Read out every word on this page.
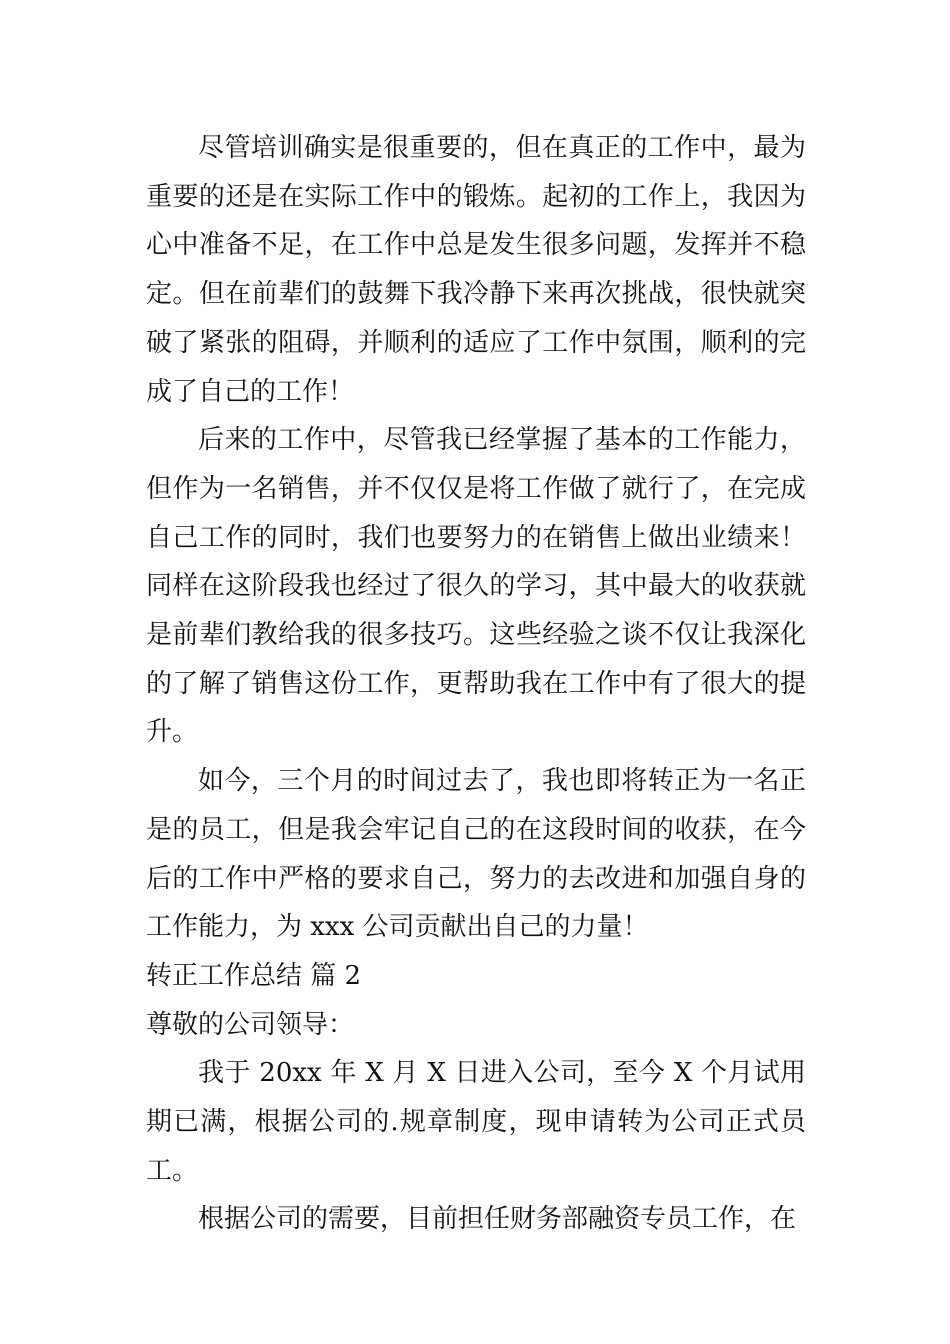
尽管培训确实是很重要的，但在真正的工作中，最为重要的还是在实际工作中的锻炼。起初的工作上，我因为心中准备不足，在工作中总是发生很多问题，发挥并不稳定。但在前辈们的鼓舞下我冷静下来再次挑战，很快就突破了紧张的阻碍，并顺利的适应了工作中氛围，顺利的完成了自己的工作！

后来的工作中，尽管我已经掌握了基本的工作能力，但作为一名销售，并不仅仅是将工作做了就行了，在完成自己工作的同时，我们也要努力的在销售上做出业绩来！同样在这阶段我也经过了很久的学习，其中最大的收获就是前辈们教给我的很多技巧。这些经验之谈不仅让我深化的了解了销售这份工作，更帮助我在工作中有了很大的提升。

如今，三个月的时间过去了，我也即将转正为一名正是的员工，但是我会牢记自己的在这段时间的收获，在今后的工作中严格的要求自己，努力的去改进和加强自身的工作能力，为 xxx 公司贡献出自己的力量！

转正工作总结 篇 2

尊敬的公司领导：

我于 20xx 年 X 月 X 日进入公司，至今 X 个月试用期已满，根据公司的.规章制度，现申请转为公司正式员工。

根据公司的需要，目前担任财务部融资专员工作，在
